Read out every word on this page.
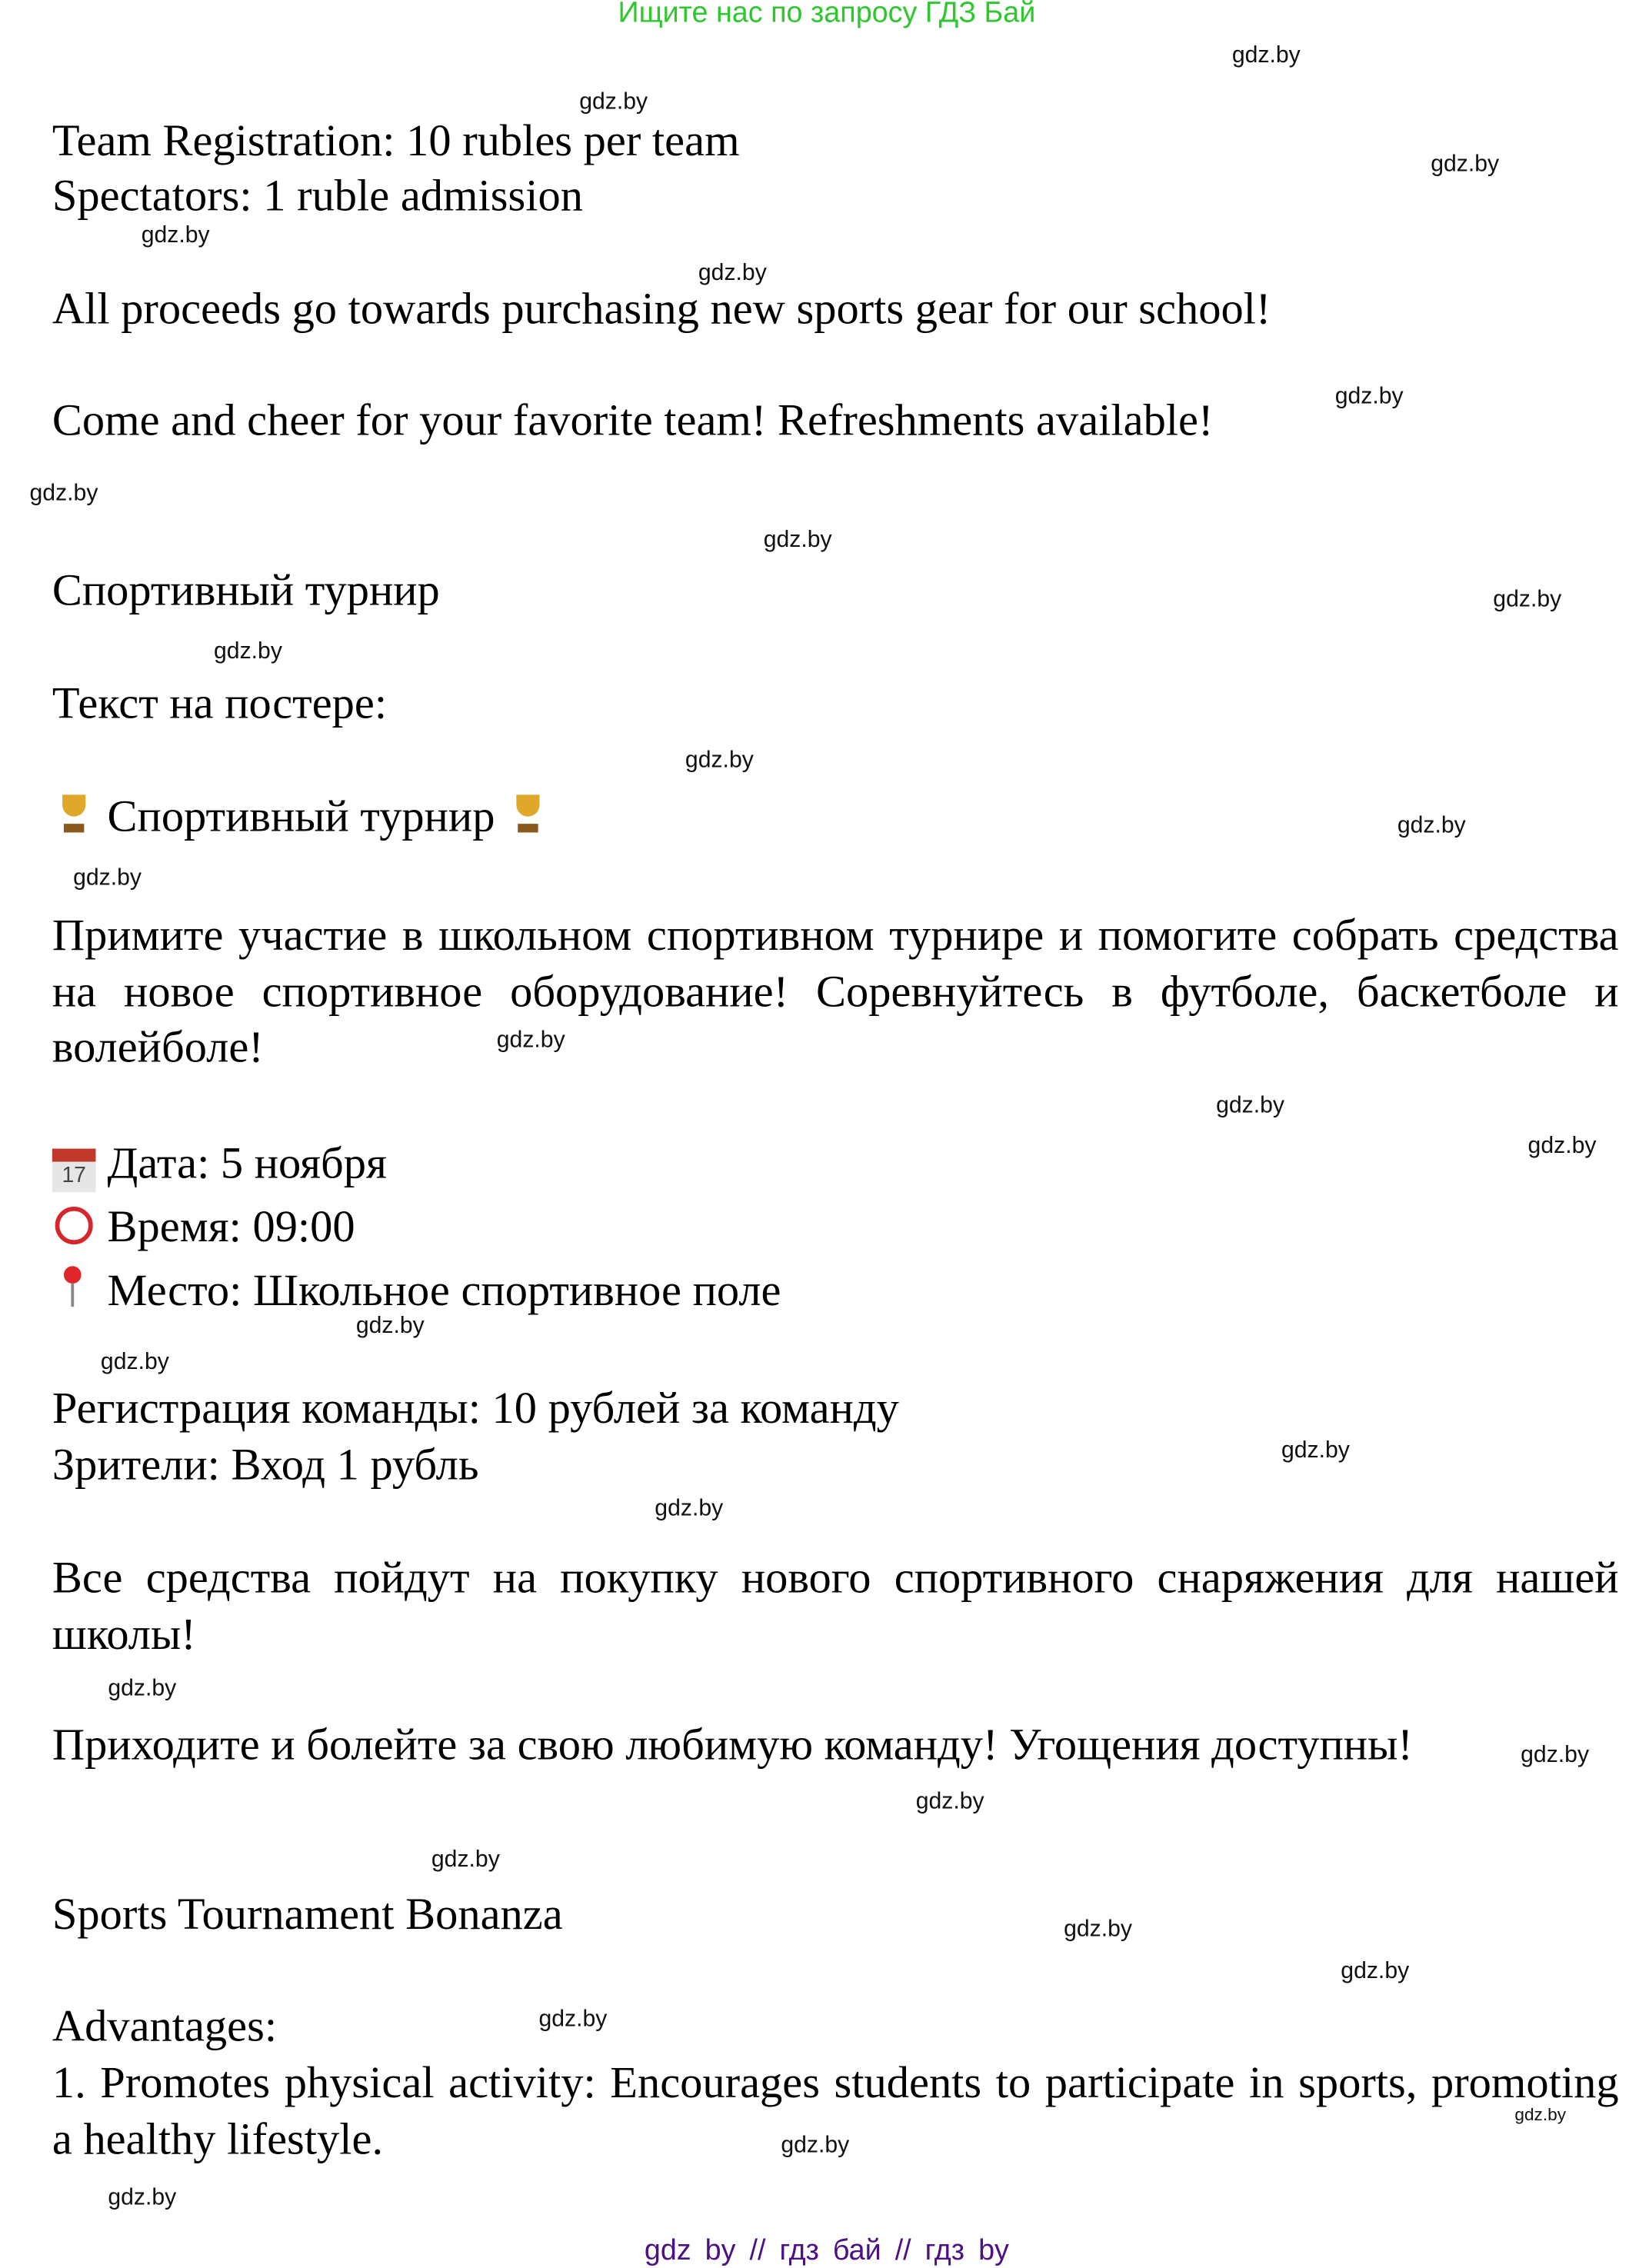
Ищите нас по запросу ГДЗ Бай
Team Registration: 10 rubles per team
Spectators: 1 ruble admission
All proceeds go towards purchasing new sports gear for our school!
Come and cheer for your favorite team! Refreshments available!
Спортивный турнир
Текст на постере:
Спортивный турнир
Примите участие в школьном спортивном турнире и помогите собрать средства на новое спортивное оборудование! Соревнуйтесь в футболе, баскетболе и волейболе!
17 Дата: 5 ноября
Время: 09:00
Место: Школьное спортивное поле
Регистрация команды: 10 рублей за команду
Зрители: Вход 1 рубль
Все средства пойдут на покупку нового спортивного снаряжения для нашей школы!
Приходите и болейте за свою любимую команду! Угощения доступны!
Sports Tournament Bonanza
Advantages:
1. Promotes physical activity: Encourages students to participate in sports, promoting a healthy lifestyle.
gdz.by
gdz.by
gdz.by
gdz.by
gdz.by
gdz.by
gdz.by
gdz.by
gdz.by
gdz.by
gdz.by
gdz.by
gdz.by
gdz.by
gdz.by
gdz.by
gdz.by
gdz.by
gdz.by
gdz.by
gdz.by
gdz.by
gdz.by
gdz.by
gdz.by
gdz.by
gdz.by
gdz.by
gdz.by
gdz.by
gdz by // гдз бай // гдз by
